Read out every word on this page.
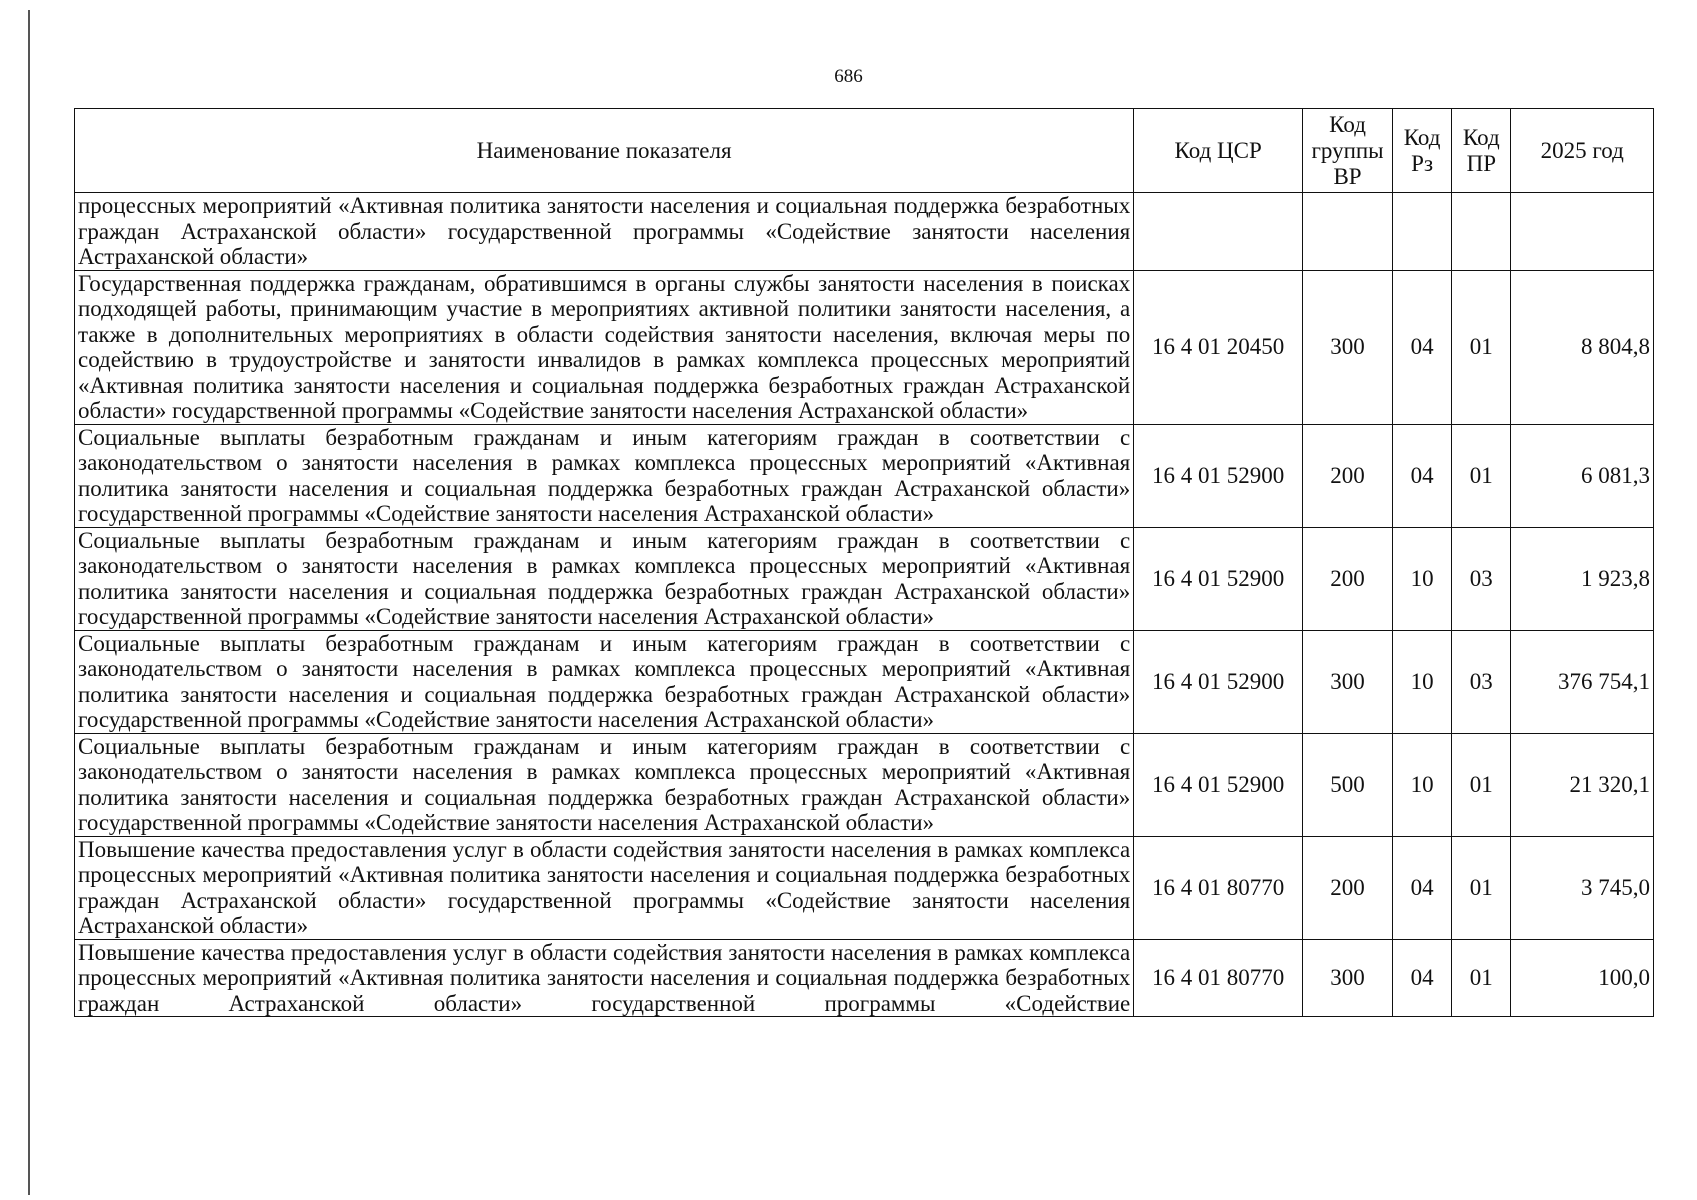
686
Наименование показателя	Код ЦСР	Код группы ВР	Код Рз	Код ПР	2025 год
процессных мероприятий «Активная политика занятости населения и социальная поддержка безработных граждан Астраханской области» государственной программы «Содействие занятости населения Астраханской области»					
Государственная поддержка гражданам, обратившимся в органы службы занятости населения в поисках подходящей работы, принимающим участие в мероприятиях активной политики занятости населения, а также в дополнительных мероприятиях в области содействия занятости населения, включая меры по содействию в трудоустройстве и занятости инвалидов в рамках комплекса процессных мероприятий «Активная политика занятости населения и социальная поддержка безработных граждан Астраханской области» государственной программы «Содействие занятости населения Астраханской области»	16 4 01 20450	300	04	01	8 804,8
Социальные выплаты безработным гражданам и иным категориям граждан в соответствии с законодательством о занятости населения в рамках комплекса процессных мероприятий «Активная политика занятости населения и социальная поддержка безработных граждан Астраханской области» государственной программы «Содействие занятости населения Астраханской области»	16 4 01 52900	200	04	01	6 081,3
Социальные выплаты безработным гражданам и иным категориям граждан в соответствии с законодательством о занятости населения в рамках комплекса процессных мероприятий «Активная политика занятости населения и социальная поддержка безработных граждан Астраханской области» государственной программы «Содействие занятости населения Астраханской области»	16 4 01 52900	200	10	03	1 923,8
Социальные выплаты безработным гражданам и иным категориям граждан в соответствии с законодательством о занятости населения в рамках комплекса процессных мероприятий «Активная политика занятости населения и социальная поддержка безработных граждан Астраханской области» государственной программы «Содействие занятости населения Астраханской области»	16 4 01 52900	300	10	03	376 754,1
Социальные выплаты безработным гражданам и иным категориям граждан в соответствии с законодательством о занятости населения в рамках комплекса процессных мероприятий «Активная политика занятости населения и социальная поддержка безработных граждан Астраханской области» государственной программы «Содействие занятости населения Астраханской области»	16 4 01 52900	500	10	01	21 320,1
Повышение качества предоставления услуг в области содействия занятости населения в рамках комплекса процессных мероприятий «Активная политика занятости населения и социальная поддержка безработных граждан Астраханской области» государственной программы «Содействие занятости населения Астраханской области»	16 4 01 80770	200	04	01	3 745,0
Повышение качества предоставления услуг в области содействия занятости населения в рамках комплекса процессных мероприятий «Активная политика занятости населения и социальная поддержка безработных граждан Астраханской области» государственной программы «Содействие	16 4 01 80770	300	04	01	100,0
